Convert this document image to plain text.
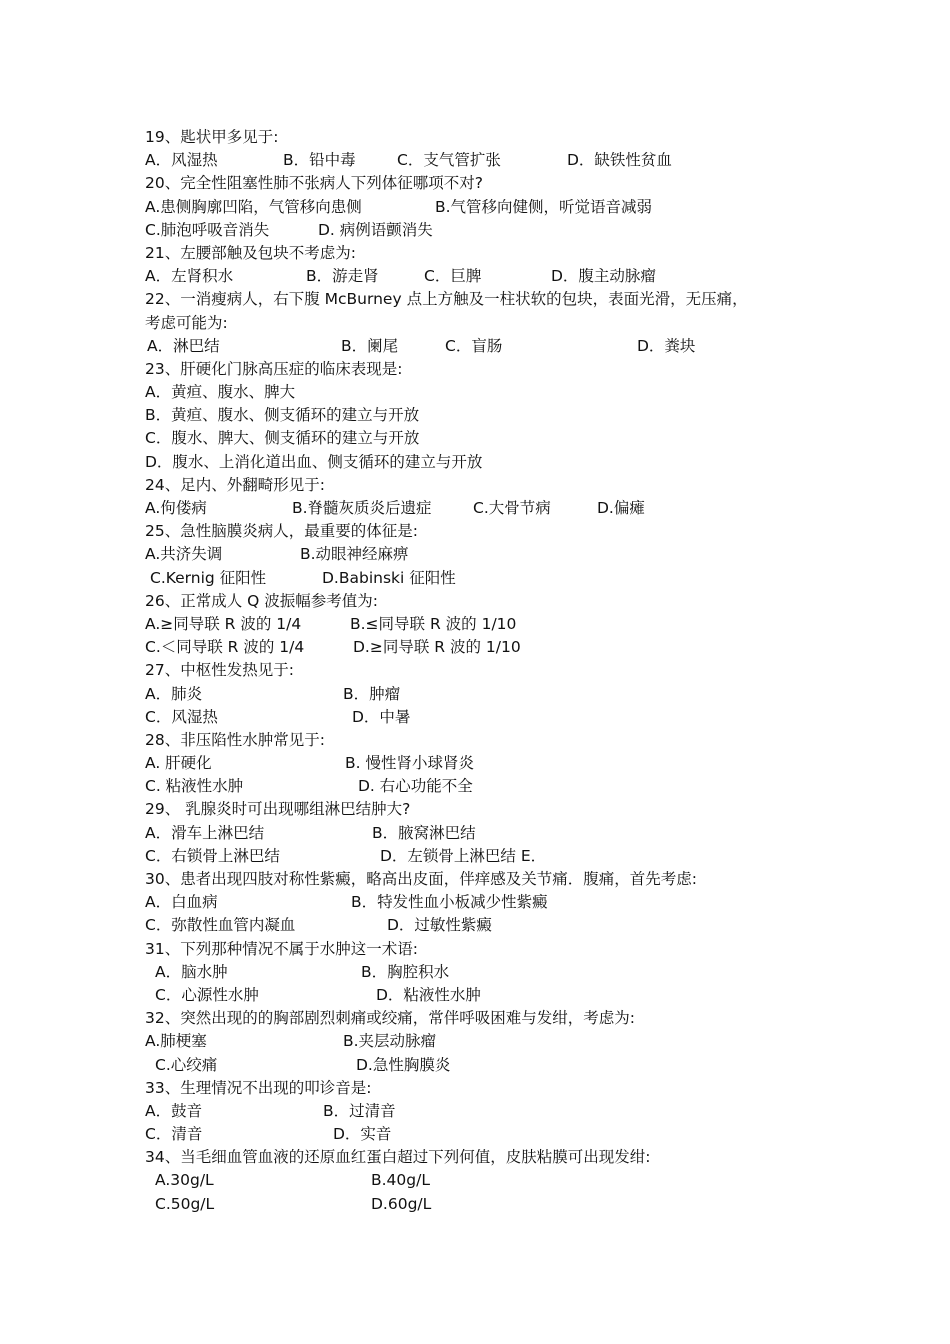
19、匙状甲多见于:
A．风湿热	B．铅中毒	C．支气管扩张	D．缺铁性贫血
20、完全性阻塞性肺不张病人下列体征哪项不对?
A.患侧胸廓凹陷，气管移向患侧	B.气管移向健侧，听觉语音减弱
C.肺泡呼吸音消失	D. 病例语颤消失
21、左腰部触及包块不考虑为:
A．左肾积水	B．游走肾	C．巨脾	D．腹主动脉瘤
22、一消瘦病人，右下腹 McBurney 点上方触及一柱状软的包块，表面光滑，无压痛，
考虑可能为:
A．淋巴结	B．阑尾	C．盲肠	D．粪块
23、肝硬化门脉高压症的临床表现是:
A．黄疸、腹水、脾大
B．黄疸、腹水、侧支循环的建立与开放
C．腹水、脾大、侧支循环的建立与开放
D．腹水、上消化道出血、侧支循环的建立与开放
24、足内、外翻畸形见于:
A.佝偻病	B.脊髓灰质炎后遗症	C.大骨节病	D.偏瘫
25、急性脑膜炎病人，最重要的体征是:
A.共济失调	B.动眼神经麻痹
C.Kernig 征阳性	D.Babinski 征阳性
26、正常成人 Q 波振幅参考值为:
A.≥同导联 R 波的 1/4	B.≤同导联 R 波的 1/10
C.＜同导联 R 波的 1/4	D.≥同导联 R 波的 1/10
27、中枢性发热见于:
A．肺炎	B．肿瘤
C．风湿热	D．中暑
28、非压陷性水肿常见于:
A. 肝硬化	B. 慢性肾小球肾炎
C. 粘液性水肿	D. 右心功能不全
29、 乳腺炎时可出现哪组淋巴结肿大?
A．滑车上淋巴结	B．腋窝淋巴结
C．右锁骨上淋巴结	D．左锁骨上淋巴结 E．
30、患者出现四肢对称性紫癜，略高出皮面，伴痒感及关节痛．腹痛，首先考虑:
A．白血病	B．特发性血小板减少性紫癜
C．弥散性血管内凝血	D．过敏性紫癜
31、下列那种情况不属于水肿这一术语:
A．脑水肿	B．胸腔积水
C．心源性水肿	D．粘液性水肿
32、突然出现的的胸部剧烈刺痛或绞痛，常伴呼吸困难与发绀，考虑为:
A.肺梗塞	B.夹层动脉瘤
C.心绞痛	D.急性胸膜炎
33、生理情况不出现的叩诊音是:
A．鼓音	B．过清音
C．清音	D．实音
34、当毛细血管血液的还原血红蛋白超过下列何值，皮肤粘膜可出现发绀:
A.30g/L	B.40g/L
C.50g/L	D.60g/L
